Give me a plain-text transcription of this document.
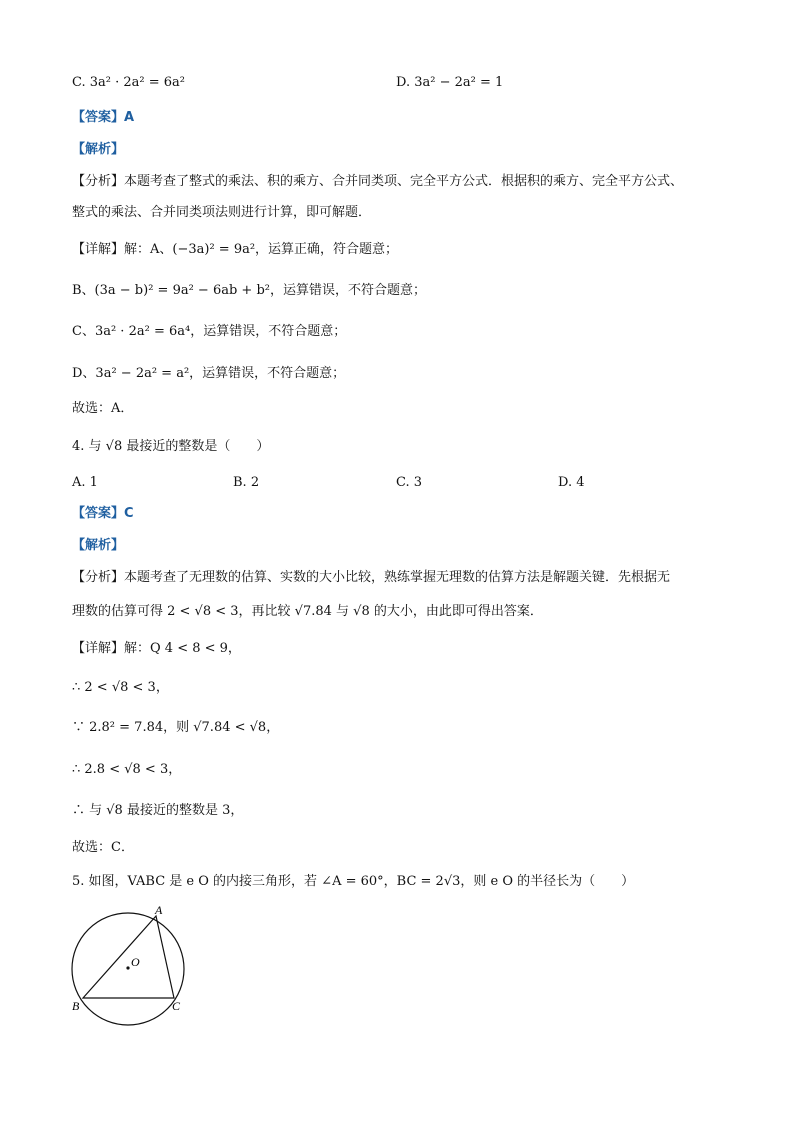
C. 3a² · 2a² = 6a²	D. 3a² − 2a² = 1
【答案】A
【解析】
【分析】本题考查了整式的乘法、积的乘方、合并同类项、完全平方公式．根据积的乘方、完全平方公式、
整式的乘法、合并同类项法则进行计算，即可解题．
【详解】解：A、(−3a)² = 9a²，运算正确，符合题意；
B、(3a − b)² = 9a² − 6ab + b²，运算错误，不符合题意；
C、3a² · 2a² = 6a⁴，运算错误，不符合题意；
D、3a² − 2a² = a²，运算错误，不符合题意；
故选：A．
4. 与 √8 最接近的整数是（　　）
A. 1	B. 2	C. 3	D. 4
【答案】C
【解析】
【分析】本题考查了无理数的估算、实数的大小比较，熟练掌握无理数的估算方法是解题关键．先根据无
理数的估算可得 2 < √8 < 3，再比较 √7.84 与 √8 的大小，由此即可得出答案．
【详解】解：Q 4 < 8 < 9，
∴ 2 < √8 < 3，
∵ 2.8² = 7.84，则 √7.84 < √8，
∴ 2.8 < √8 < 3，
∴ 与 √8 最接近的整数是 3，
故选：C．
5. 如图，VABC 是 e O 的内接三角形，若 ∠A = 60°，BC = 2√3，则 e O 的半径长为（　　）
A
B	C
O
